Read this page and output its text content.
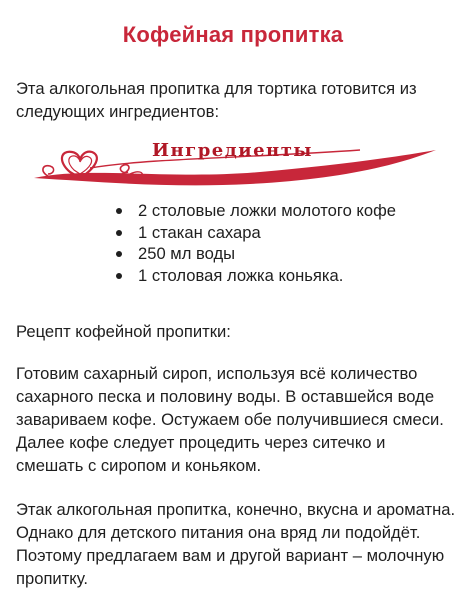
Кофейная пропитка

Эта алкогольная пропитка для тортика готовится из следующих ингредиентов:

Ингредиенты
2 столовые ложки молотого кофе
1 стакан сахара
250 мл воды
1 столовая ложка коньяка.

Рецепт кофейной пропитки:

Готовим сахарный сироп, используя всё количество сахарного песка и половину воды. В оставшейся воде завариваем кофе. Остужаем обе получившиеся смеси. Далее кофе следует процедить через ситечко и смешать с сиропом и коньяком.

Этак алкогольная пропитка, конечно, вкусна и ароматна. Однако для детского питания она вряд ли подойдёт. Поэтому предлагаем вам и другой вариант – молочную пропитку.
